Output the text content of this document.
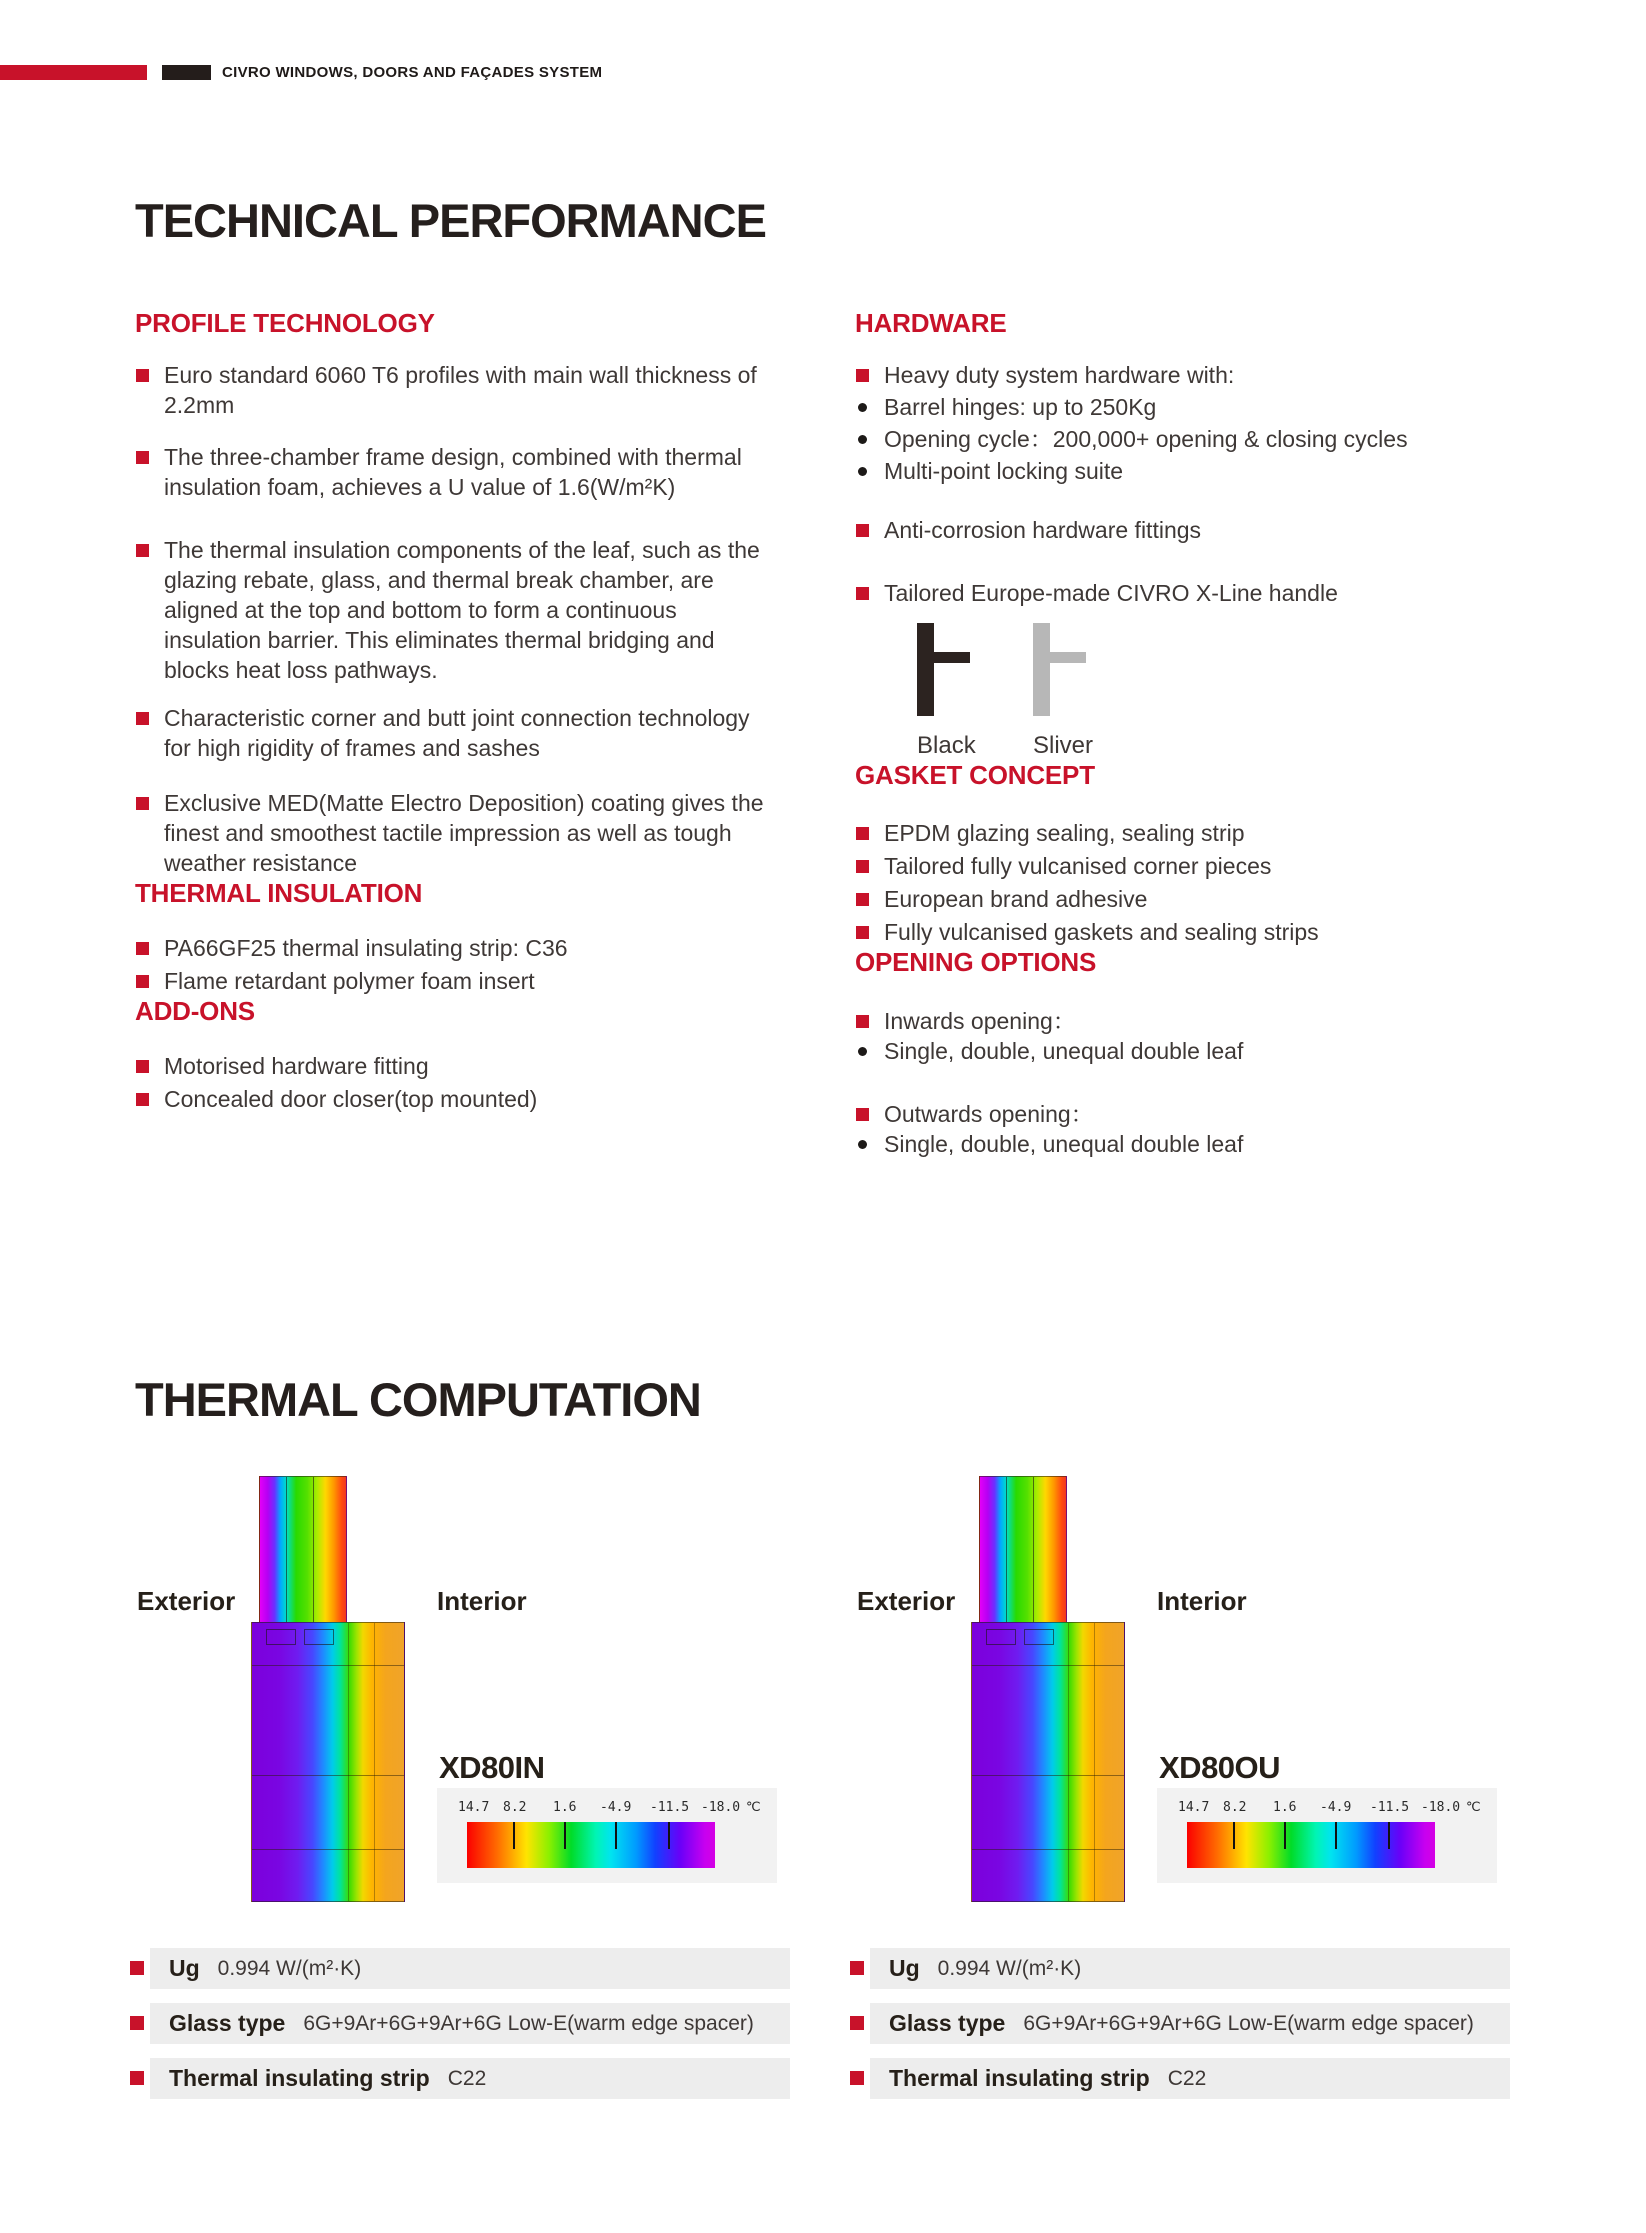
CIVRO WINDOWS, DOORS AND FAÇADES SYSTEM
TECHNICAL PERFORMANCE
PROFILE TECHNOLOGY
Euro standard 6060 T6 profiles with main wall thickness of 2.2mm
The three-chamber frame design, combined with thermal insulation foam, achieves a U value of 1.6(W/m²K)
The thermal insulation components of the leaf, such as the glazing rebate, glass, and thermal break chamber, are aligned at the top and bottom to form a continuous insulation barrier. This eliminates thermal bridging and blocks heat loss pathways.
Characteristic corner and butt joint connection technology for high rigidity of frames and sashes
Exclusive MED(Matte Electro Deposition) coating gives the finest and smoothest tactile impression as well as tough weather resistance
THERMAL INSULATION
PA66GF25 thermal insulating strip: C36
Flame retardant polymer foam insert
ADD-ONS
Motorised hardware fitting
Concealed door closer(top mounted)
HARDWARE
Heavy duty system hardware with:
Barrel hinges: up to 250Kg
Opening cycle：200,000+ opening & closing cycles
Multi-point locking suite
Anti-corrosion hardware fittings
Tailored Europe-made CIVRO X-Line handle
Black Sliver
GASKET CONCEPT
EPDM glazing sealing, sealing strip
Tailored fully vulcanised corner pieces
European brand adhesive
Fully vulcanised gaskets and sealing strips
OPENING OPTIONS
Inwards opening：
Single, double, unequal double leaf
Outwards opening：
Single, double, unequal double leaf
THERMAL COMPUTATION
Exterior	Interior
XD80IN
14.7 8.2 1.6 -4.9 -11.5 -18.0 ℃
Ug 0.994 W/(m²·K)
Glass type 6G+9Ar+6G+9Ar+6G Low-E(warm edge spacer)
Thermal insulating strip C22
Exterior	Interior
XD80OU
14.7 8.2 1.6 -4.9 -11.5 -18.0 ℃
Ug 0.994 W/(m²·K)
Glass type 6G+9Ar+6G+9Ar+6G Low-E(warm edge spacer)
Thermal insulating strip C22
